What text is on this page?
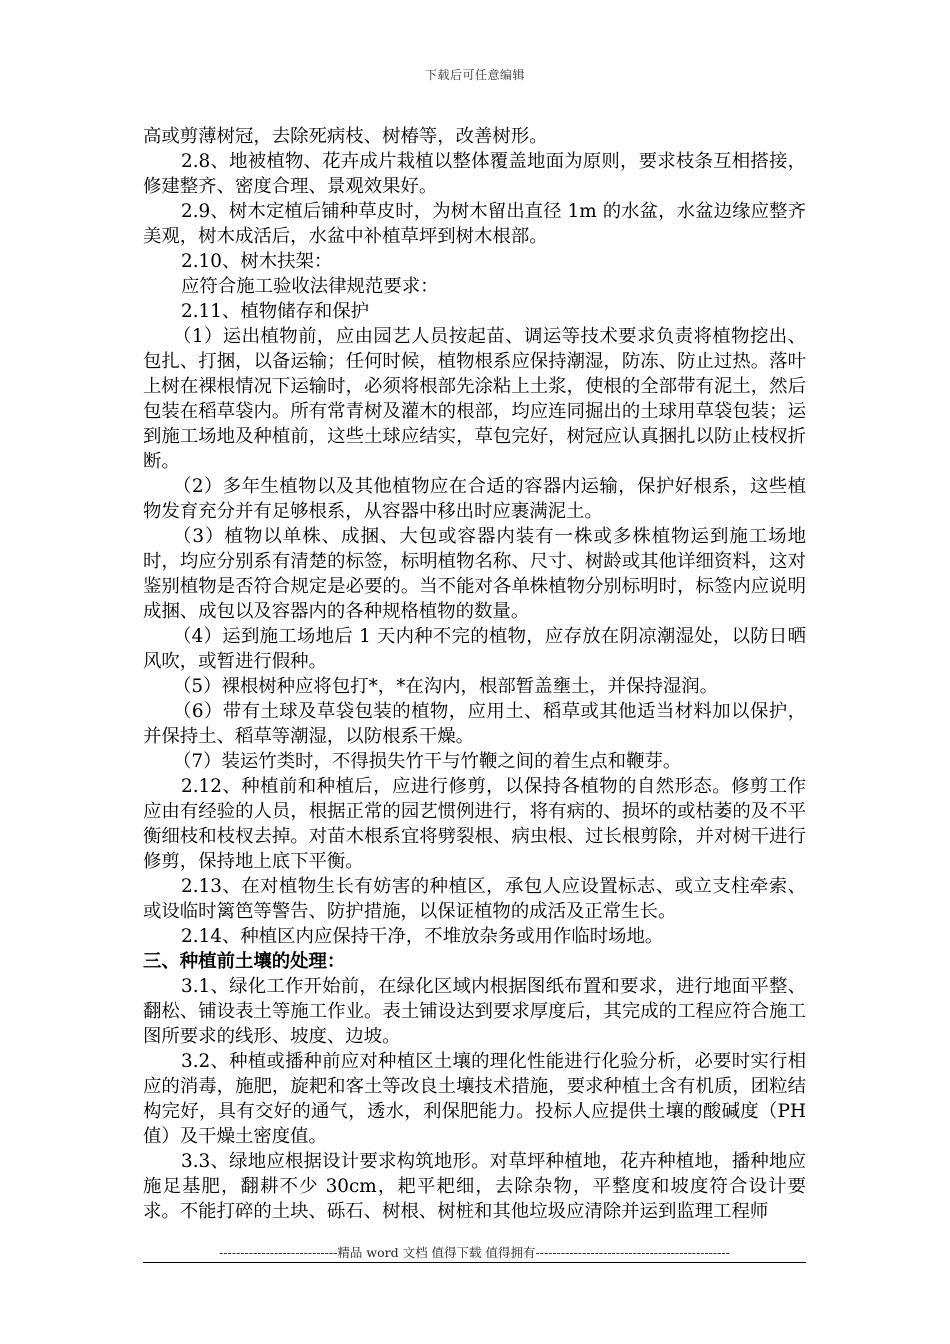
下载后可任意编辑

高或剪薄树冠，去除死病枝、树椿等，改善树形。

2.8、地被植物、花卉成片栽植以整体覆盖地面为原则，要求枝条互相搭接，修建整齐、密度合理、景观效果好。

2.9、树木定植后铺种草皮时，为树木留出直径 1m 的水盆，水盆边缘应整齐美观，树木成活后，水盆中补植草坪到树木根部。

2.10、树木扶架：

应符合施工验收法律规范要求：

2.11、植物储存和保护

（1）运出植物前，应由园艺人员按起苗、调运等技术要求负责将植物挖出、包扎、打捆，以备运输；任何时候，植物根系应保持潮湿，防冻、防止过热。落叶上树在裸根情况下运输时，必须将根部先涂粘上土浆，使根的全部带有泥土，然后包装在稻草袋内。所有常青树及灌木的根部，均应连同掘出的土球用草袋包装；运到施工场地及种植前，这些土球应结实，草包完好，树冠应认真捆扎以防止枝杈折断。

（2）多年生植物以及其他植物应在合适的容器内运输，保护好根系，这些植物发育充分并有足够根系，从容器中移出时应裹满泥土。

（3）植物以单株、成捆、大包或容器内装有一株或多株植物运到施工场地时，均应分别系有清楚的标签，标明植物名称、尺寸、树龄或其他详细资料，这对鉴别植物是否符合规定是必要的。当不能对各单株植物分别标明时，标签内应说明成捆、成包以及容器内的各种规格植物的数量。

（4）运到施工场地后 1 天内种不完的植物，应存放在阴凉潮湿处，以防日晒风吹，或暂进行假种。

（5）裸根树种应将包打*，*在沟内，根部暂盖壅土，并保持湿润。

（6）带有土球及草袋包装的植物，应用土、稻草或其他适当材料加以保护，并保持土、稻草等潮湿，以防根系干燥。

（7）装运竹类时，不得损失竹干与竹鞭之间的着生点和鞭芽。

2.12、种植前和种植后，应进行修剪，以保持各植物的自然形态。修剪工作应由有经验的人员，根据正常的园艺惯例进行，将有病的、损坏的或枯萎的及不平衡细枝和枝杈去掉。对苗木根系宜将劈裂根、病虫根、过长根剪除，并对树干进行修剪，保持地上底下平衡。

2.13、在对植物生长有妨害的种植区，承包人应设置标志、或立支柱牵索、或设临时篱笆等警告、防护措施，以保证植物的成活及正常生长。

2.14、种植区内应保持干净，不堆放杂务或用作临时场地。

三、种植前土壤的处理：

3.1、绿化工作开始前，在绿化区域内根据图纸布置和要求，进行地面平整、翻松、铺设表土等施工作业。表土铺设达到要求厚度后，其完成的工程应符合施工图所要求的线形、坡度、边坡。

3.2、种植或播种前应对种植区土壤的理化性能进行化验分析，必要时实行相应的消毒，施肥，旋耙和客土等改良土壤技术措施，要求种植土含有机质，团粒结构完好，具有交好的通气，透水，利保肥能力。投标人应提供土壤的酸碱度（PH 值）及干燥土密度值。

3.3、绿地应根据设计要求构筑地形。对草坪种植地，花卉种植地，播种地应施足基肥，翻耕不少 30cm，耙平耙细，去除杂物，平整度和坡度符合设计要求。不能打碎的土块、砾石、树根、树桩和其他垃圾应清除并运到监理工程师

----------------------------精品 word 文档 值得下载 值得拥有----------------------------------------------
